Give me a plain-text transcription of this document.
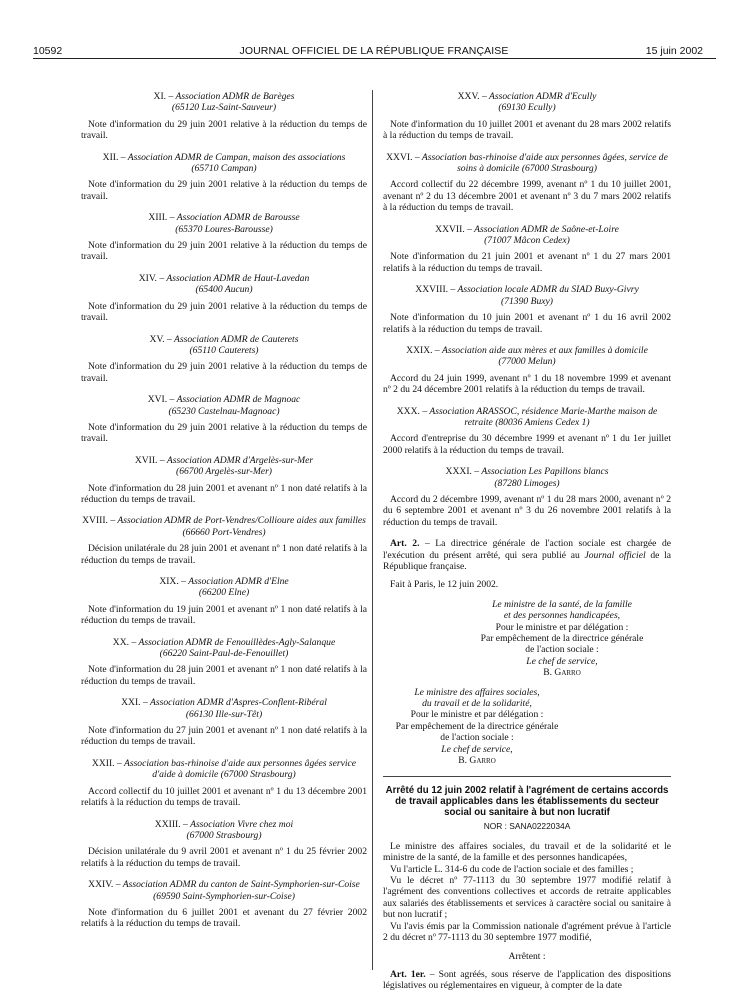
10592	JOURNAL OFFICIEL DE LA RÉPUBLIQUE FRANÇAISE	15 juin 2002
XI. – Association ADMR de Barèges
(65120 Luz-Saint-Sauveur)

Note d'information du 29 juin 2001 relative à la réduction du temps de travail.

XII. – Association ADMR de Campan, maison des associations
(65710 Campan)

Note d'information du 29 juin 2001 relative à la réduction du temps de travail.

XIII. – Association ADMR de Barousse
(65370 Loures-Barousse)

Note d'information du 29 juin 2001 relative à la réduction du temps de travail.

XIV. – Association ADMR de Haut-Lavedan
(65400 Aucun)

Note d'information du 29 juin 2001 relative à la réduction du temps de travail.

XV. – Association ADMR de Cauterets
(65110 Cauterets)

Note d'information du 29 juin 2001 relative à la réduction du temps de travail.

XVI. – Association ADMR de Magnoac
(65230 Castelnau-Magnoac)

Note d'information du 29 juin 2001 relative à la réduction du temps de travail.

XVII. – Association ADMR d'Argelès-sur-Mer
(66700 Argelès-sur-Mer)

Note d'information du 28 juin 2001 et avenant nº 1 non daté relatifs à la réduction du temps de travail.

XVIII. – Association ADMR de Port-Vendres/Collioure aides aux familles
(66660 Port-Vendres)

Décision unilatérale du 28 juin 2001 et avenant nº 1 non daté relatifs à la réduction du temps de travail.

XIX. – Association ADMR d'Elne
(66200 Elne)

Note d'information du 19 juin 2001 et avenant nº 1 non daté relatifs à la réduction du temps de travail.

XX. – Association ADMR de Fenouillèdes-Agly-Salanque
(66220 Saint-Paul-de-Fenouillet)

Note d'information du 28 juin 2001 et avenant nº 1 non daté relatifs à la réduction du temps de travail.

XXI. – Association ADMR d'Aspres-Conflent-Ribéral
(66130 Ille-sur-Têt)

Note d'information du 27 juin 2001 et avenant nº 1 non daté relatifs à la réduction du temps de travail.

XXII. – Association bas-rhinoise d'aide aux personnes âgées service d'aide à domicile (67000 Strasbourg)

Accord collectif du 10 juillet 2001 et avenant nº 1 du 13 décembre 2001 relatifs à la réduction du temps de travail.

XXIII. – Association Vivre chez moi
(67000 Strasbourg)

Décision unilatérale du 9 avril 2001 et avenant nº 1 du 25 février 2002 relatifs à la réduction du temps de travail.

XXIV. – Association ADMR du canton de Saint-Symphorien-sur-Coise
(69590 Saint-Symphorien-sur-Coise)

Note d'information du 6 juillet 2001 et avenant du 27 février 2002 relatifs à la réduction du temps de travail.

XXV. – Association ADMR d'Ecully
(69130 Ecully)

Note d'information du 10 juillet 2001 et avenant du 28 mars 2002 relatifs à la réduction du temps de travail.

XXVI. – Association bas-rhinoise d'aide aux personnes âgées, service de soins à domicile (67000 Strasbourg)

Accord collectif du 22 décembre 1999, avenant nº 1 du 10 juillet 2001, avenant nº 2 du 13 décembre 2001 et avenant nº 3 du 7 mars 2002 relatifs à la réduction du temps de travail.

XXVII. – Association ADMR de Saône-et-Loire
(71007 Mâcon Cedex)

Note d'information du 21 juin 2001 et avenant nº 1 du 27 mars 2001 relatifs à la réduction du temps de travail.

XXVIII. – Association locale ADMR du SIAD Buxy-Givry
(71390 Buxy)

Note d'information du 10 juin 2001 et avenant nº 1 du 16 avril 2002 relatifs à la réduction du temps de travail.

XXIX. – Association aide aux mères et aux familles à domicile
(77000 Melun)

Accord du 24 juin 1999, avenant nº 1 du 18 novembre 1999 et avenant nº 2 du 24 décembre 2001 relatifs à la réduction du temps de travail.

XXX. – Association ARASSOC, résidence Marie-Marthe maison de retraite (80036 Amiens Cedex 1)

Accord d'entreprise du 30 décembre 1999 et avenant nº 1 du 1er juillet 2000 relatifs à la réduction du temps de travail.

XXXI. – Association Les Papillons blancs
(87280 Limoges)

Accord du 2 décembre 1999, avenant nº 1 du 28 mars 2000, avenant nº 2 du 6 septembre 2001 et avenant nº 3 du 26 novembre 2001 relatifs à la réduction du temps de travail.

Art. 2. – La directrice générale de l'action sociale est chargée de l'exécution du présent arrêté, qui sera publié au Journal officiel de la République française.

Fait à Paris, le 12 juin 2002.

Le ministre de la santé, de la famille
et des personnes handicapées,
Pour le ministre et par délégation :
Par empêchement de la directrice générale
de l'action sociale :
Le chef de service,
B. Garro
Le ministre des affaires sociales,
du travail et de la solidarité,
Pour le ministre et par délégation :
Par empêchement de la directrice générale
de l'action sociale :
Le chef de service,
B. Garro
Arrêté du 12 juin 2002 relatif à l'agrément de certains accords de travail applicables dans les établissements du secteur social ou sanitaire à but non lucratif
NOR : SANA0222034A

Le ministre des affaires sociales, du travail et de la solidarité et le ministre de la santé, de la famille et des personnes handicapées,

Vu l'article L. 314-6 du code de l'action sociale et des familles ;

Vu le décret nº 77-1113 du 30 septembre 1977 modifié relatif à l'agrément des conventions collectives et accords de retraite applicables aux salariés des établissements et services à caractère social ou sanitaire à but non lucratif ;

Vu l'avis émis par la Commission nationale d'agrément prévue à l'article 2 du décret nº 77-1113 du 30 septembre 1977 modifié,

Arrêtent :

Art. 1er. – Sont agréés, sous réserve de l'application des dispositions législatives ou réglementaires en vigueur, à compter de la date
